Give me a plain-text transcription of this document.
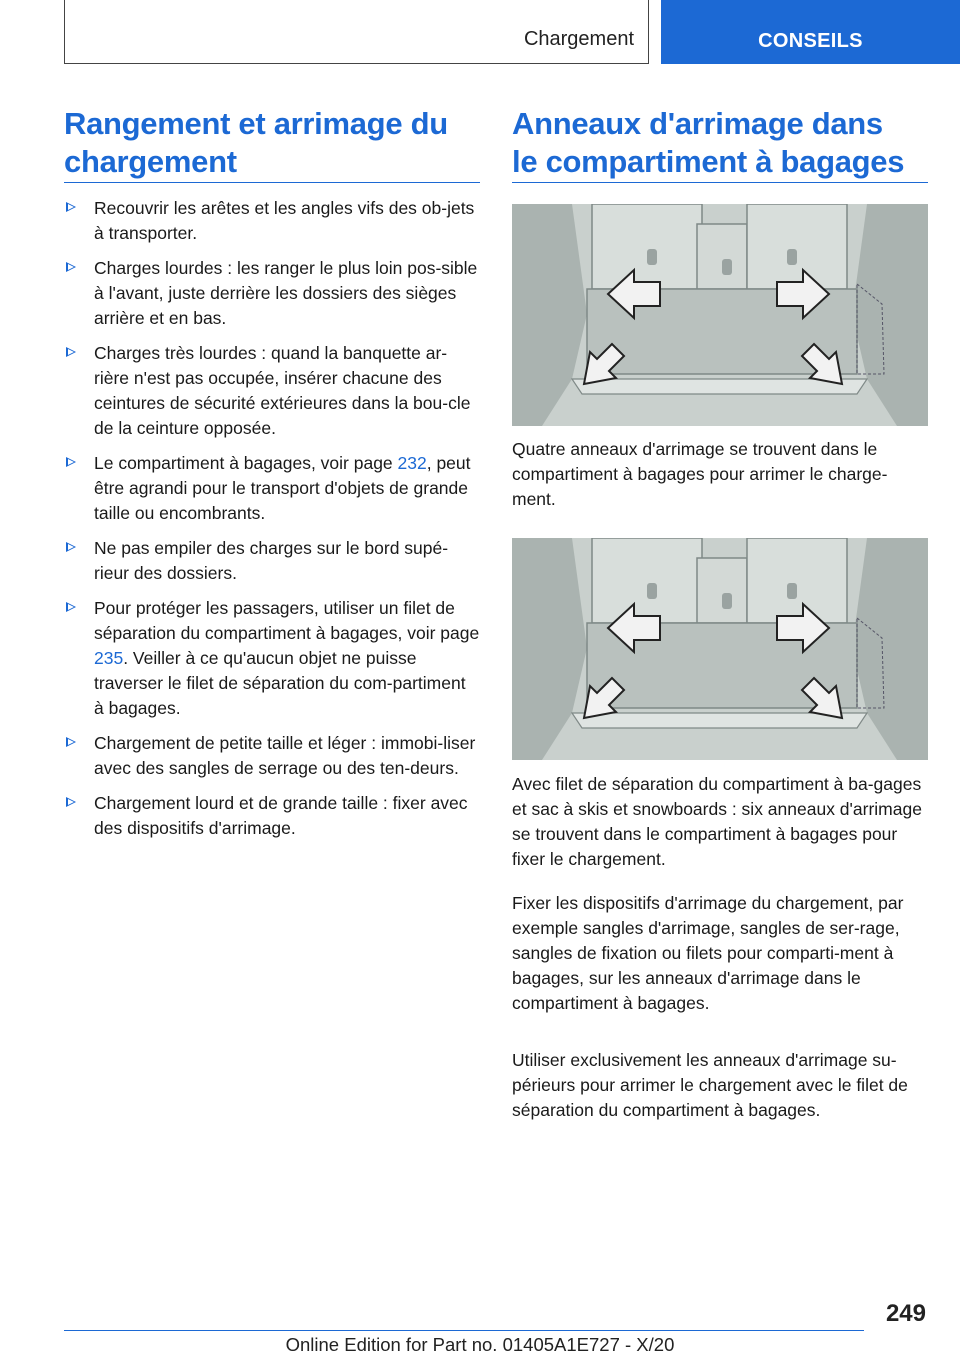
Chargement	CONSEILS
Rangement et arrimage du
chargement
Recouvrir les arêtes et les angles vifs des ob-jets à transporter.
Charges lourdes : les ranger le plus loin pos-sible à l'avant, juste derrière les dossiers des sièges arrière et en bas.
Charges très lourdes : quand la banquette ar-rière n'est pas occupée, insérer chacune des ceintures de sécurité extérieures dans la bou-cle de la ceinture opposée.
Le compartiment à bagages, voir page 232, peut être agrandi pour le transport d'objets de grande taille ou encombrants.
Ne pas empiler des charges sur le bord supé-rieur des dossiers.
Pour protéger les passagers, utiliser un filet de séparation du compartiment à bagages, voir page 235. Veiller à ce qu'aucun objet ne puisse traverser le filet de séparation du com-partiment à bagages.
Chargement de petite taille et léger : immobi-liser avec des sangles de serrage ou des ten-deurs.
Chargement lourd et de grande taille : fixer avec des dispositifs d'arrimage.
Anneaux d'arrimage dans
le compartiment à bagages

Quatre anneaux d'arrimage se trouvent dans le compartiment à bagages pour arrimer le charge-ment.

Avec filet de séparation du compartiment à ba-gages et sac à skis et snowboards : six anneaux d'arrimage se trouvent dans le compartiment à bagages pour fixer le chargement.

Fixer les dispositifs d'arrimage du chargement, par exemple sangles d'arrimage, sangles de ser-rage, sangles de fixation ou filets pour comparti-ment à bagages, sur les anneaux d'arrimage dans le compartiment à bagages.

Utiliser exclusivement les anneaux d'arrimage su-périeurs pour arrimer le chargement avec le filet de séparation du compartiment à bagages.

249
Online Edition for Part no. 01405A1E727 - X/20
